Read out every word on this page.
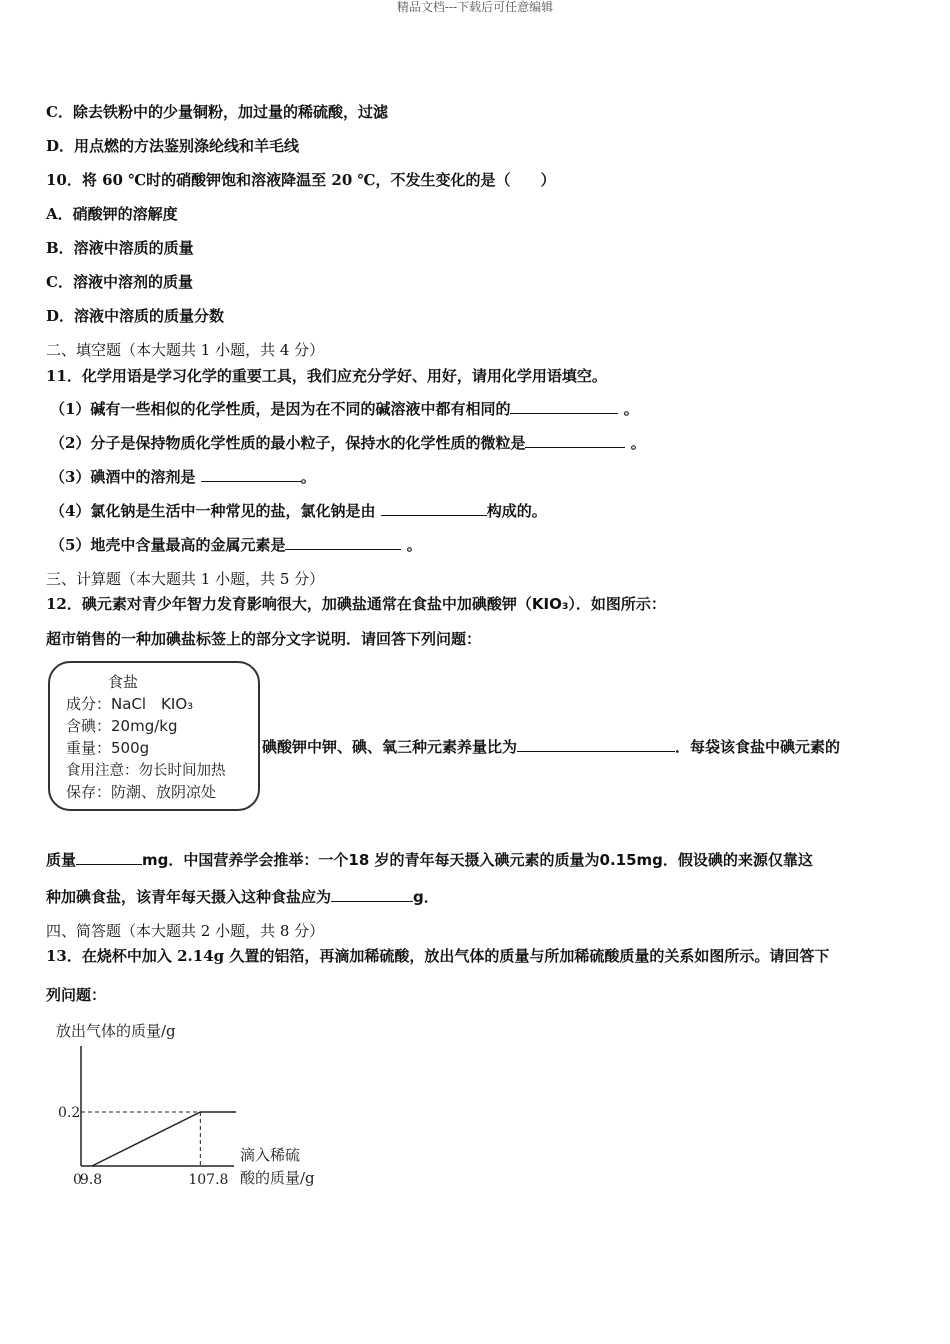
精品文档---下载后可任意编辑
C．除去铁粉中的少量铜粉，加过量的稀硫酸，过滤
D．用点燃的方法鉴别涤纶线和羊毛线
10．将 60 ℃时的硝酸钾饱和溶液降温至 20 ℃，不发生变化的是（　　）
A．硝酸钾的溶解度
B．溶液中溶质的质量
C．溶液中溶剂的质量
D．溶液中溶质的质量分数
二、填空题（本大题共 1 小题，共 4 分）
11．化学用语是学习化学的重要工具，我们应充分学好、用好，请用化学用语填空。
（1）碱有一些相似的化学性质，是因为在不同的碱溶液中都有相同的	。
（2）分子是保持物质化学性质的最小粒子，保持水的化学性质的微粒是	。
（3）碘酒中的溶剂是	。
（4）氯化钠是生活中一种常见的盐，氯化钠是由	构成的。
（5）地壳中含量最高的金属元素是	。
三、计算题（本大题共 1 小题，共 5 分）
12．碘元素对青少年智力发育影响很大，加碘盐通常在食盐中加碘酸钾（KIO₃）．如图所示：
超市销售的一种加碘盐标签上的部分文字说明．请回答下列问题：
食盐
成分：NaCl　KIO₃
含碘：20mg/kg
重量：500g
食用注意：勿长时间加热
保存：防潮、放阴凉处
碘酸钾中钾、碘、氧三种元素养量比为	．每袋该食盐中碘元素的
质量	mg．中国营养学会推举：一个18 岁的青年每天摄入碘元素的质量为0.15mg．假设碘的来源仅靠这
种加碘食盐，该青年每天摄入这种食盐应为	g．
四、简答题（本大题共 2 小题，共 8 分）
13．在烧杯中加入 2.14g 久置的铝箔，再滴加稀硫酸，放出气体的质量与所加稀硫酸质量的关系如图所示。请回答下
列问题：
放出气体的质量/g
0
滴入稀硫
酸的质量/g
0.2
9.8	107.8
